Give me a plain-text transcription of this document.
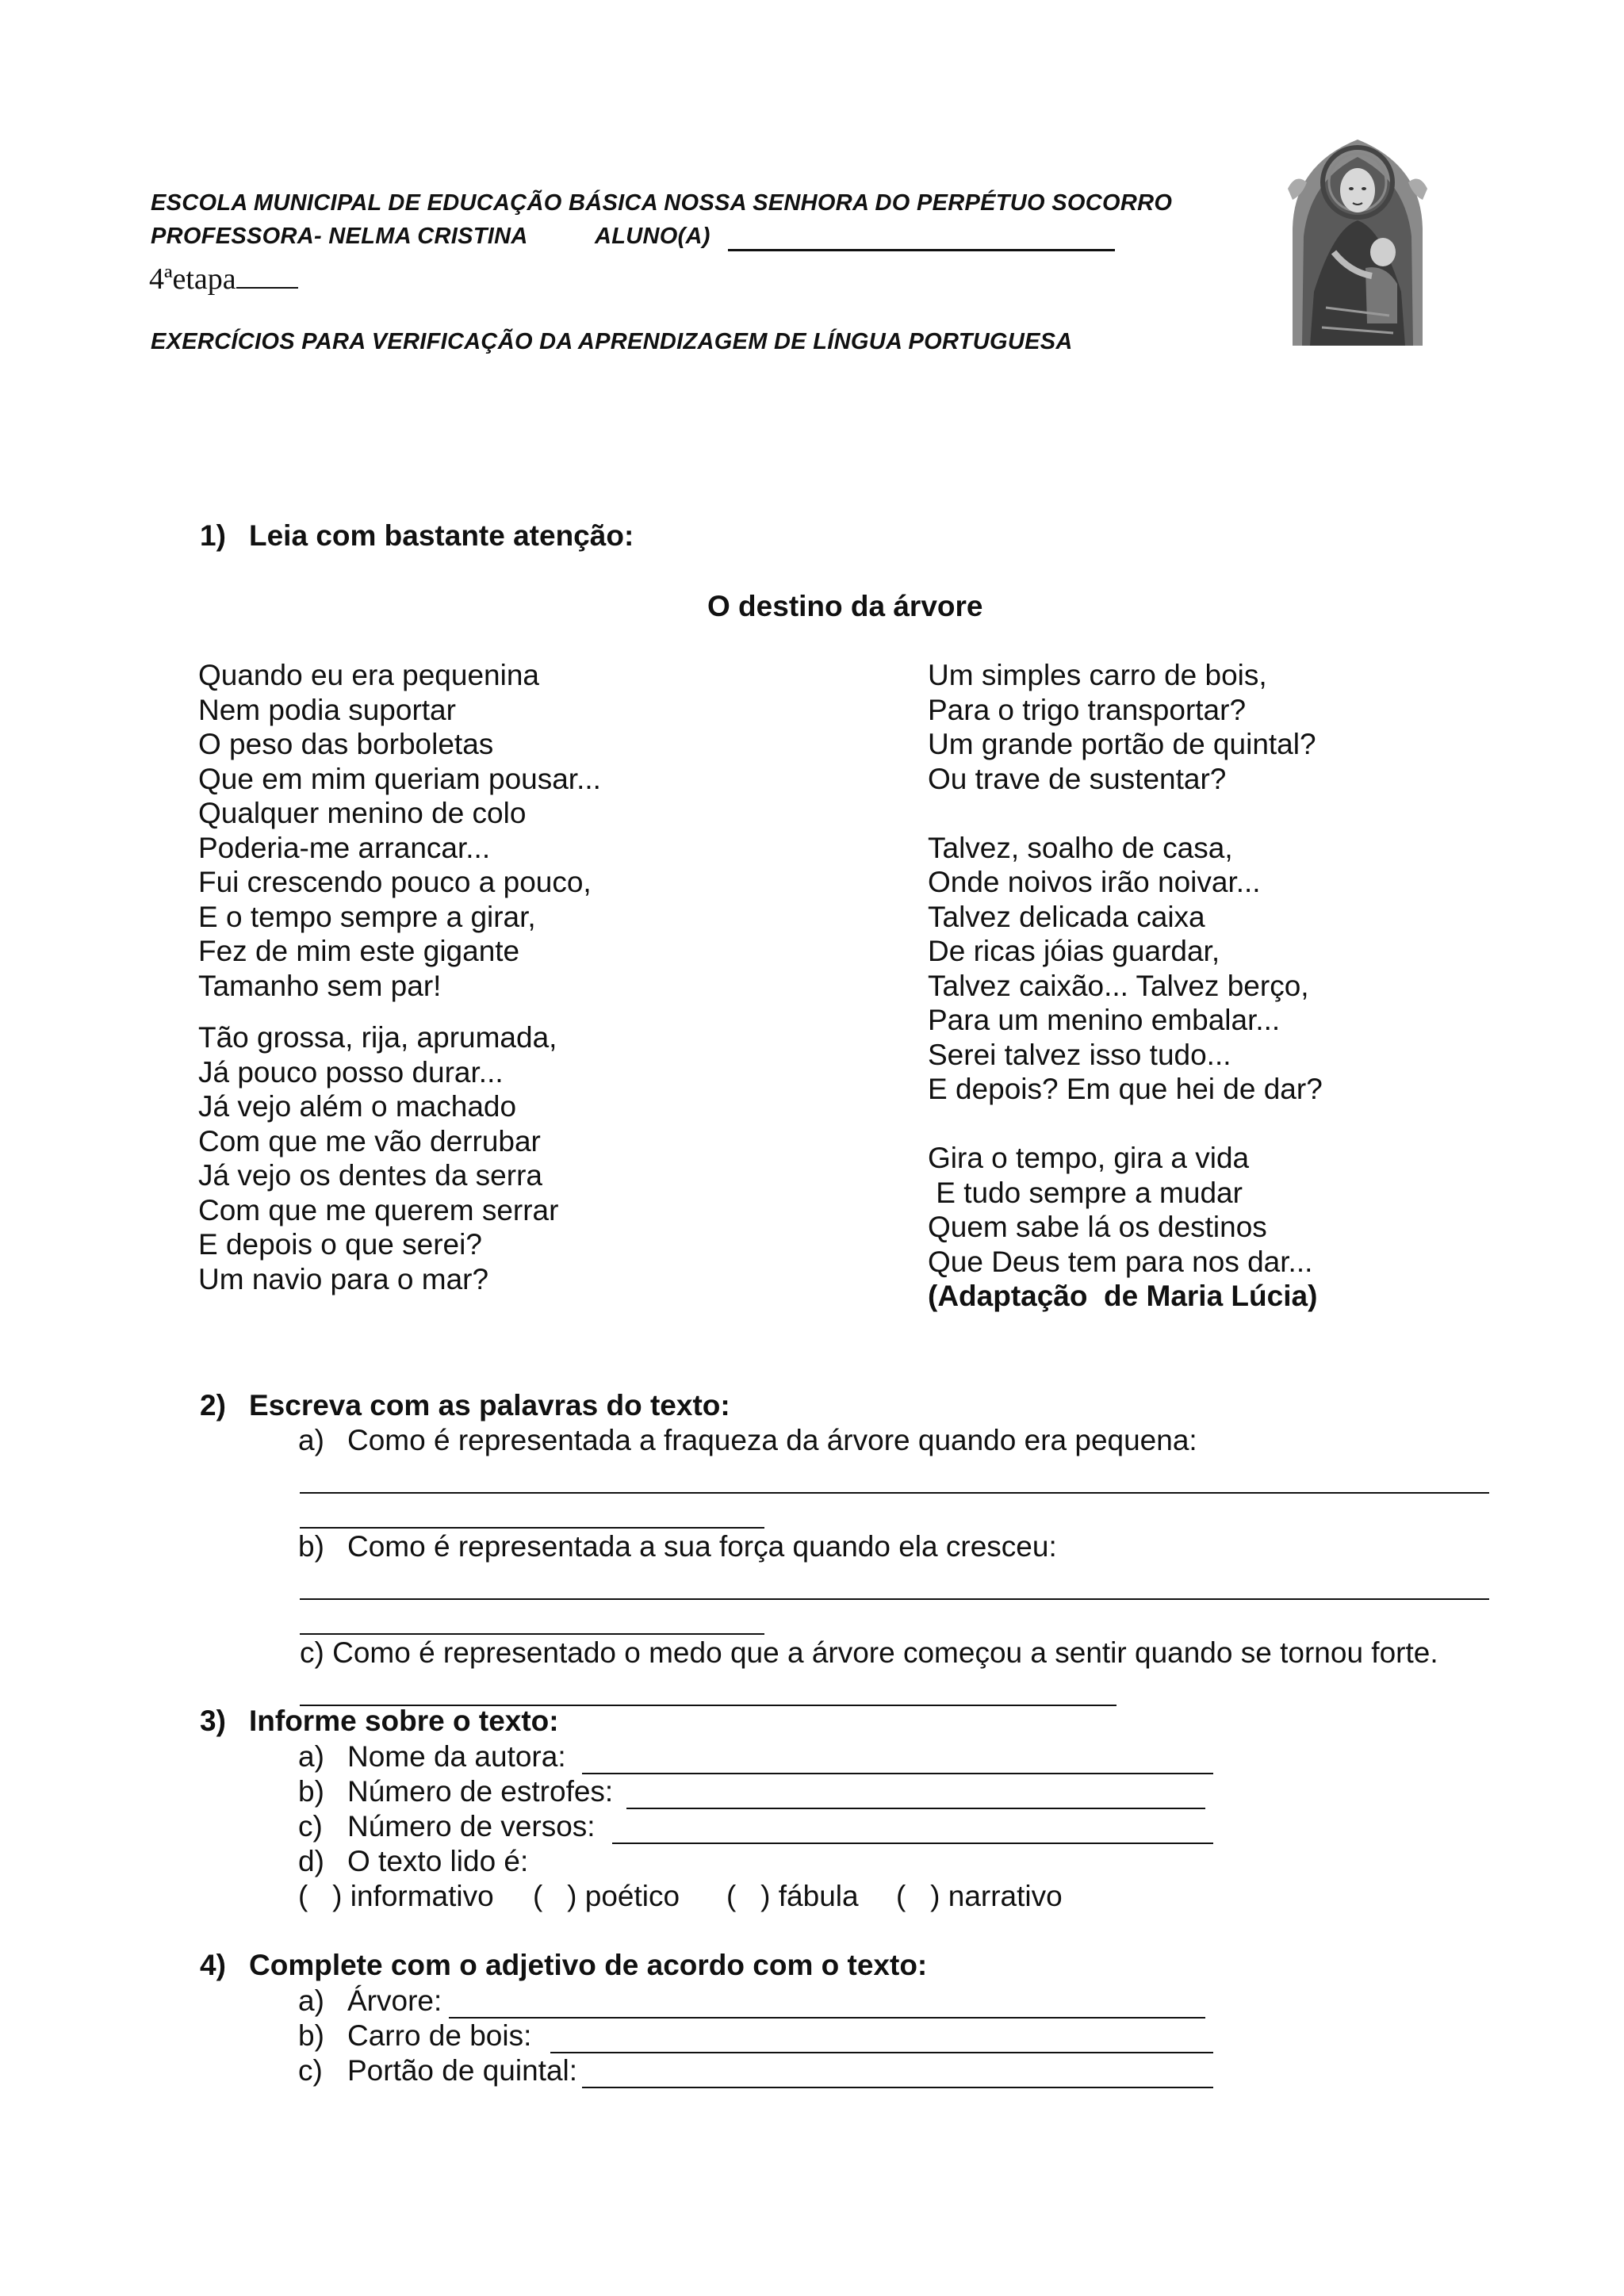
ESCOLA MUNICIPAL DE EDUCAÇÃO BÁSICA NOSSA SENHORA DO PERPÉTUO SOCORRO
PROFESSORA- NELMA CRISTINA	ALUNO(A)
4ªetapa
EXERCÍCIOS PARA VERIFICAÇÃO DA APRENDIZAGEM DE LÍNGUA PORTUGUESA
1) Leia com bastante atenção:
O destino da árvore
Quando eu era pequenina
Nem podia suportar
O peso das borboletas
Que em mim queriam pousar...
Qualquer menino de colo
Poderia-me arrancar...
Fui crescendo pouco a pouco,
E o tempo sempre a girar,
Fez de mim este gigante
Tamanho sem par!
Tão grossa, rija, aprumada,
Já pouco posso durar...
Já vejo além o machado
Com que me vão derrubar
Já vejo os dentes da serra
Com que me querem serrar
E depois o que serei?
Um navio para o mar?
Um simples carro de bois,
Para o trigo transportar?
Um grande portão de quintal?
Ou trave de sustentar?
Talvez, soalho de casa,
Onde noivos irão noivar...
Talvez delicada caixa
De ricas jóias guardar,
Talvez caixão... Talvez berço,
Para um menino embalar...
Serei talvez isso tudo...
E depois? Em que hei de dar?
Gira o tempo, gira a vida
E tudo sempre a mudar
Quem sabe lá os destinos
Que Deus tem para nos dar...
(Adaptação  de Maria Lúcia)
2) Escreva com as palavras do texto:
a) Como é representada a fraqueza da árvore quando era pequena:
b) Como é representada a sua força quando ela cresceu:
c) Como é representado o medo que a árvore começou a sentir quando se tornou forte.
3) Informe sobre o texto:
a) Nome da autora:
b) Número de estrofes:
c) Número de versos:
d) O texto lido é:
(   ) informativo (   ) poético (   ) fábula (   ) narrativo
4) Complete com o adjetivo de acordo com o texto:
a) Árvore:
b) Carro de bois:
c) Portão de quintal:
